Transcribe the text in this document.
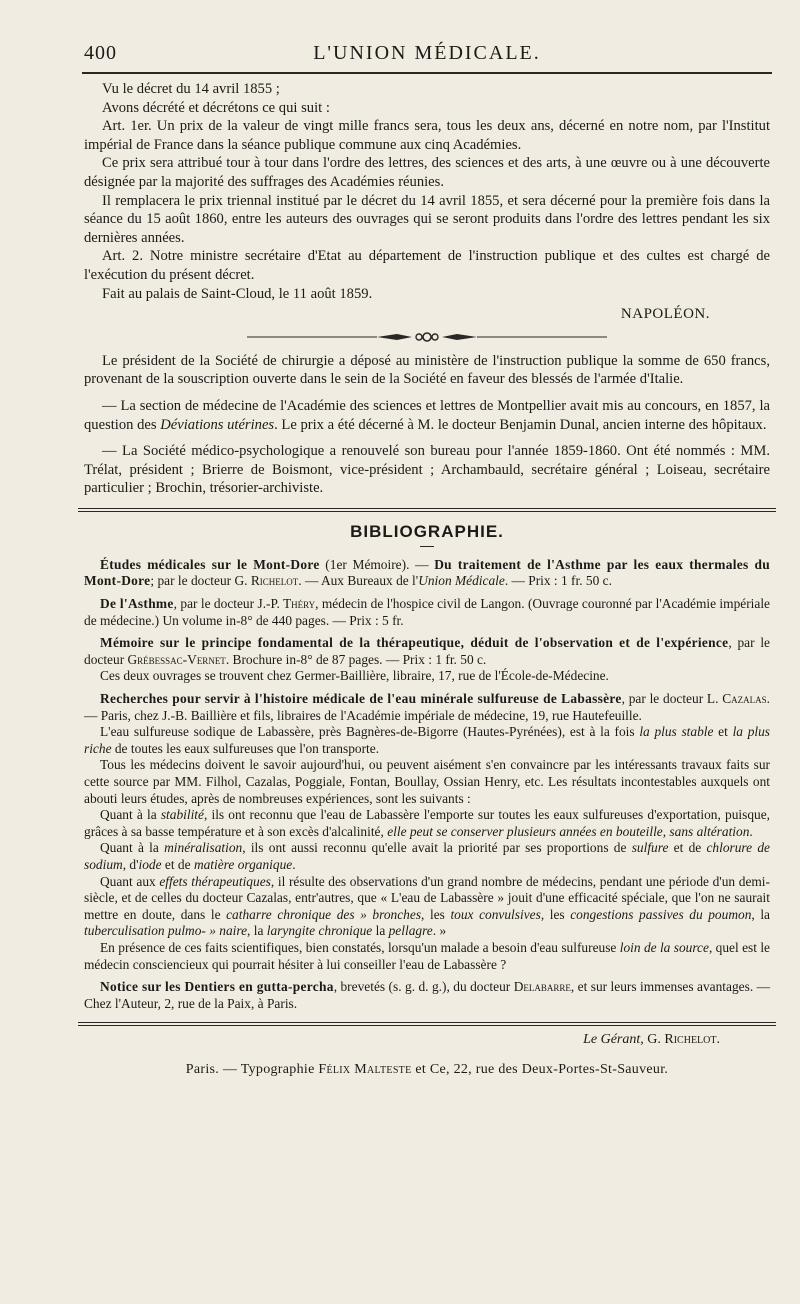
400	L'UNION MÉDICALE.

Vu le décret du 14 avril 1855 ;

Avons décrété et décrétons ce qui suit :

Art. 1er. Un prix de la valeur de vingt mille francs sera, tous les deux ans, décerné en notre nom, par l'Institut impérial de France dans la séance publique commune aux cinq Académies.

Ce prix sera attribué tour à tour dans l'ordre des lettres, des sciences et des arts, à une œuvre ou à une découverte désignée par la majorité des suffrages des Académies réunies.

Il remplacera le prix triennal institué par le décret du 14 avril 1855, et sera décerné pour la première fois dans la séance du 15 août 1860, entre les auteurs des ouvrages qui se seront produits dans l'ordre des lettres pendant les six dernières années.

Art. 2. Notre ministre secrétaire d'Etat au département de l'instruction publique et des cultes est chargé de l'exécution du présent décret.

Fait au palais de Saint-Cloud, le 11 août 1859.

NAPOLÉON.

Le président de la Société de chirurgie a déposé au ministère de l'instruction publique la somme de 650 francs, provenant de la souscription ouverte dans le sein de la Société en faveur des blessés de l'armée d'Italie.

— La section de médecine de l'Académie des sciences et lettres de Montpellier avait mis au concours, en 1857, la question des Déviations utérines. Le prix a été décerné à M. le docteur Benjamin Dunal, ancien interne des hôpitaux.

— La Société médico-psychologique a renouvelé son bureau pour l'année 1859-1860. Ont été nommés : MM. Trélat, président ; Brierre de Boismont, vice-président ; Archambauld, secrétaire général ; Loiseau, secrétaire particulier ; Brochin, trésorier-archiviste.

BIBLIOGRAPHIE.

Études médicales sur le Mont-Dore (1er Mémoire). — Du traitement de l'Asthme par les eaux thermales du Mont-Dore; par le docteur G. Richelot. — Aux Bureaux de l'Union Médicale. — Prix : 1 fr. 50 c.

De l'Asthme, par le docteur J.-P. Théry, médecin de l'hospice civil de Langon. (Ouvrage couronné par l'Académie impériale de médecine.) Un volume in-8° de 440 pages. — Prix : 5 fr.

Mémoire sur le principe fondamental de la thérapeutique, déduit de l'observation et de l'expérience, par le docteur Grébessac-Vernet. Brochure in-8° de 87 pages. — Prix : 1 fr. 50 c.

Ces deux ouvrages se trouvent chez Germer-Baillière, libraire, 17, rue de l'École-de-Médecine.

Recherches pour servir à l'histoire médicale de l'eau minérale sulfureuse de Labassère, par le docteur L. Cazalas. — Paris, chez J.-B. Baillière et fils, libraires de l'Académie impériale de médecine, 19, rue Hautefeuille.

L'eau sulfureuse sodique de Labassère, près Bagnères-de-Bigorre (Hautes-Pyrénées), est à la fois la plus stable et la plus riche de toutes les eaux sulfureuses que l'on transporte.

Tous les médecins doivent le savoir aujourd'hui, ou peuvent aisément s'en convaincre par les intéressants travaux faits sur cette source par MM. Filhol, Cazalas, Poggiale, Fontan, Boullay, Ossian Henry, etc. Les résultats incontestables auxquels ont abouti leurs études, après de nombreuses expériences, sont les suivants :

Quant à la stabilité, ils ont reconnu que l'eau de Labassère l'emporte sur toutes les eaux sulfureuses d'exportation, puisque, grâces à sa basse température et à son excès d'alcalinité, elle peut se conserver plusieurs années en bouteille, sans altération.

Quant à la minéralisation, ils ont aussi reconnu qu'elle avait la priorité par ses proportions de sulfure et de chlorure de sodium, d'iode et de matière organique.

Quant aux effets thérapeutiques, il résulte des observations d'un grand nombre de médecins, pendant une période d'un demi-siècle, et de celles du docteur Cazalas, entr'autres, que « L'eau de Labassère » jouit d'une efficacité spéciale, que l'on ne saurait mettre en doute, dans le catharre chronique des » bronches, les toux convulsives, les congestions passives du poumon, la tuberculisation pulmo- » naire, la laryngite chronique la pellagre. »

En présence de ces faits scientifiques, bien constatés, lorsqu'un malade a besoin d'eau sulfureuse loin de la source, quel est le médecin consciencieux qui pourrait hésiter à lui conseiller l'eau de Labassère ?

Notice sur les Dentiers en gutta-percha, brevetés (s. g. d. g.), du docteur Delabarre, et sur leurs immenses avantages. — Chez l'Auteur, 2, rue de la Paix, à Paris.

Le Gérant, G. Richelot.
Paris. — Typographie Félix Malteste et Ce, 22, rue des Deux-Portes-St-Sauveur.
